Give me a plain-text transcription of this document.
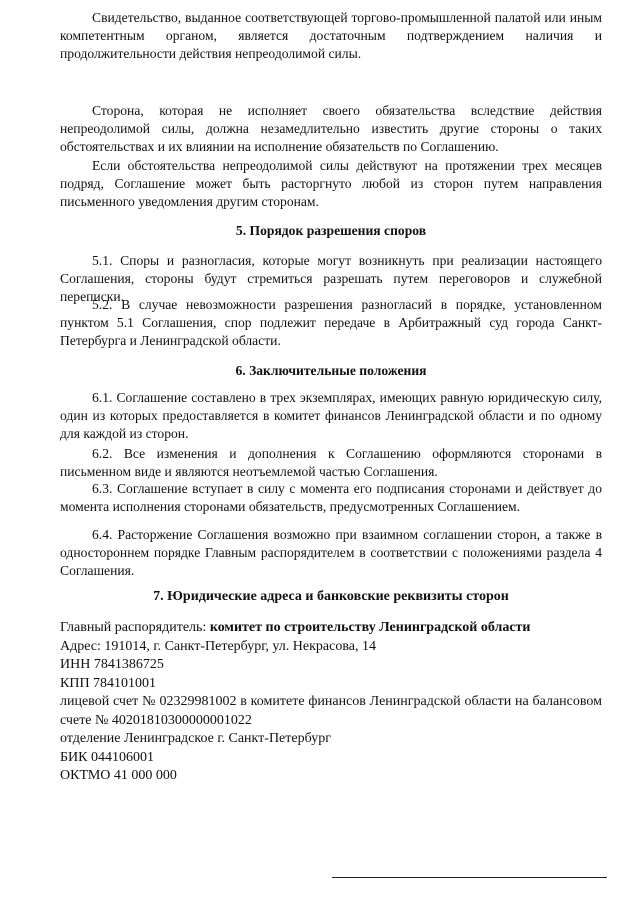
Свидетельство, выданное соответствующей торгово-промышленной палатой или иным компетентным органом, является достаточным подтверждением наличия и продолжительности действия непреодолимой силы.

Сторона, которая не исполняет своего обязательства вследствие действия непреодолимой силы, должна незамедлительно известить другие стороны о таких обстоятельствах и их влиянии на исполнение обязательств по Соглашению.

Если обстоятельства непреодолимой силы действуют на протяжении трех месяцев подряд, Соглашение может быть расторгнуто любой из сторон путем направления письменного уведомления другим сторонам.

5. Порядок разрешения споров

5.1. Споры и разногласия, которые могут возникнуть при реализации настоящего Соглашения, стороны будут стремиться разрешать путем переговоров и служебной переписки.

5.2. В случае невозможности разрешения разногласий в порядке, установленном пунктом 5.1 Соглашения, спор подлежит передаче в Арбитражный суд города Санкт-Петербурга и Ленинградской области.

6. Заключительные положения

6.1. Соглашение составлено в трех экземплярах, имеющих равную юридическую силу, один из которых предоставляется в комитет финансов Ленинградской области и по одному для каждой из сторон.

6.2. Все изменения и дополнения к Соглашению оформляются сторонами в письменном виде и являются неотъемлемой частью Соглашения.

6.3. Соглашение вступает в силу с момента его подписания сторонами и действует до момента исполнения сторонами обязательств, предусмотренных Соглашением.

6.4. Расторжение Соглашения возможно при взаимном соглашении сторон, а также в одностороннем порядке Главным распорядителем в соответствии с положениями раздела 4 Соглашения.

7. Юридические адреса и банковские реквизиты сторон

Главный распорядитель: комитет по строительству Ленинградской области

Адрес: 191014, г. Санкт-Петербург, ул. Некрасова, 14

ИНН 7841386725

КПП 784101001

лицевой счет № 02329981002 в комитете финансов Ленинградской области на балансовом счете № 40201810300000001022

отделение Ленинградское г. Санкт-Петербург

БИК 044106001

ОКТМО 41 000 000
